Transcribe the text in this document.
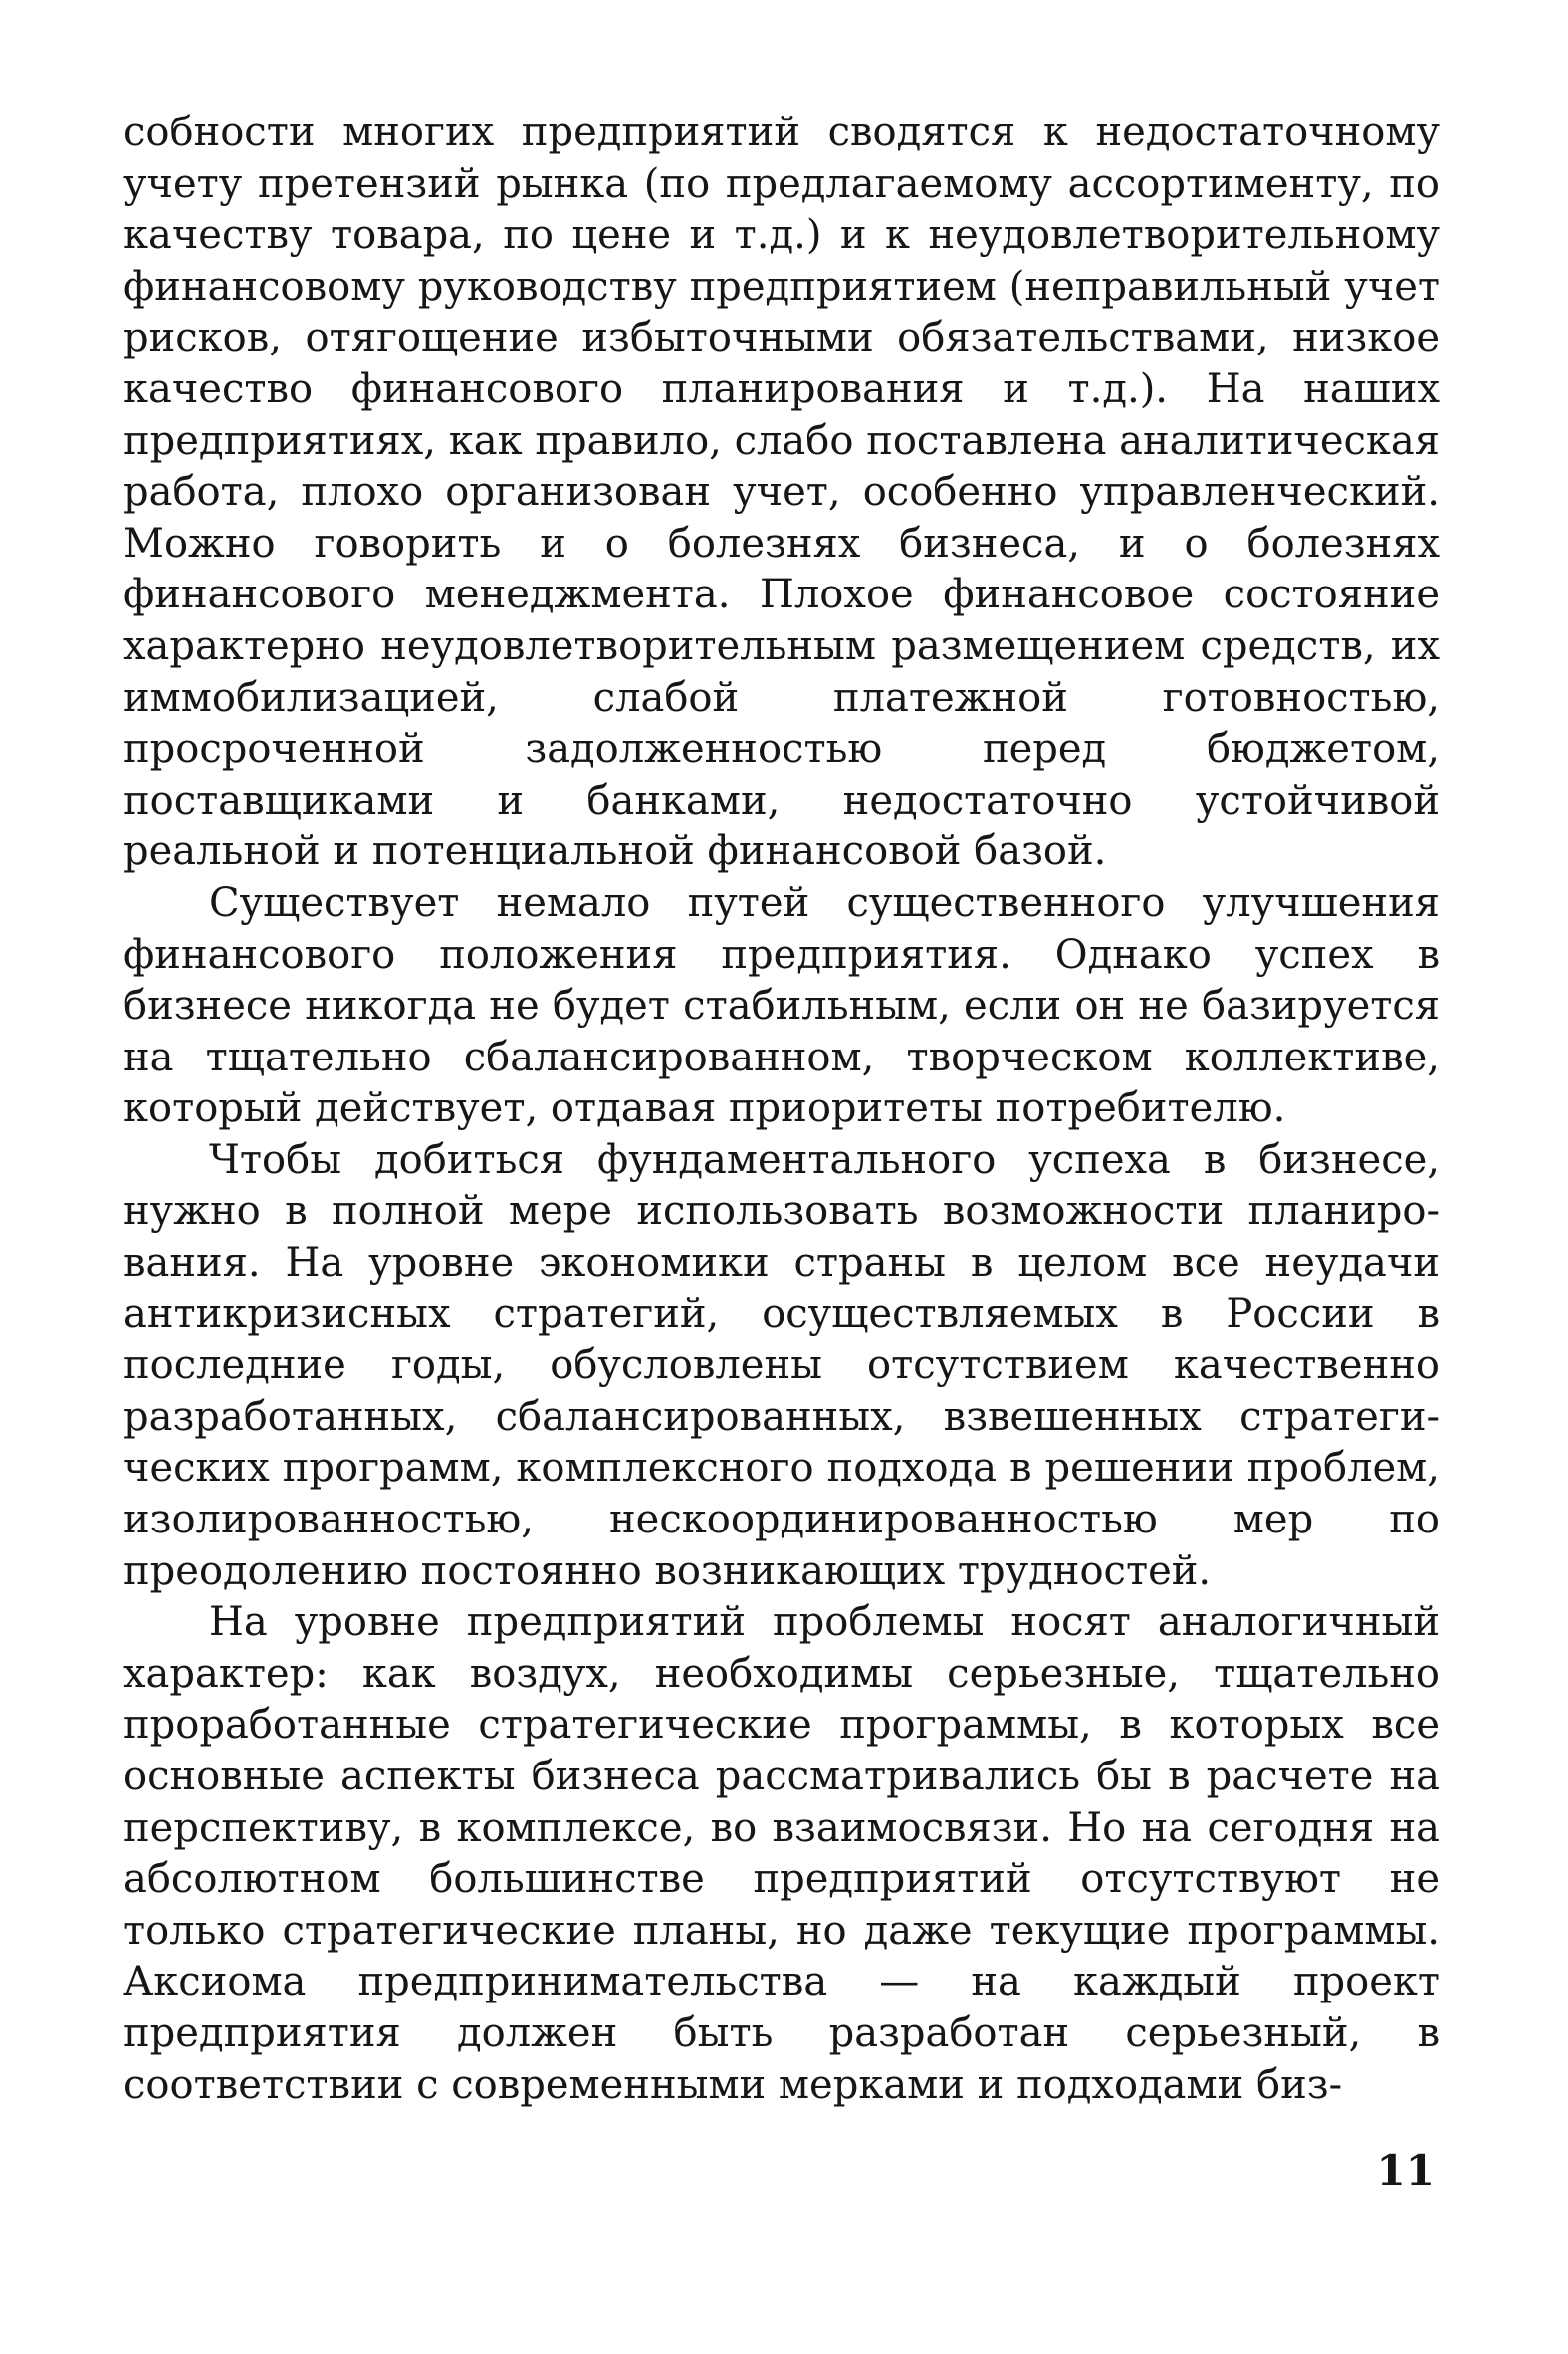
собности многих предприятий сводятся к недостаточному учету претензий рынка (по предлагаемому ассортименту, по качеству товара, по цене и т.д.) и к неудовлетворительному финансовому руководству предприятием (неправильный учет рисков, отягощение избыточными обязательствами, низкое качество финансового планирования и т.д.). На наших предприятиях, как правило, слабо поставлена аналитическая работа, плохо организован учет, особенно управленческий. Можно говорить и о болезнях бизнеса, и о болезнях финансового менеджмента. Плохое финансовое состояние характерно неудовлетворительным размещением средств, их иммобилизацией, слабой платежной готовностью, просроченной задолженностью перед бюджетом, поставщиками и банками, недостаточно устойчивой реальной и потенциальной финансовой базой.

Существует немало путей существенного улучшения финансового положения предприятия. Однако успех в бизнесе никогда не будет стабильным, если он не базируется на тщательно сбалансированном, творческом коллективе, который действует, отдавая приоритеты потребителю.

Чтобы добиться фундаментального успеха в бизнесе, нужно в полной мере использовать возможности планирования. На уровне экономики страны в целом все неудачи антикризисных стратегий, осуществляемых в России в последние годы, обусловлены отсутствием качественно разработанных, сбалансированных, взвешенных стратегических программ, комплексного подхода в решении проблем, изолированностью, нескоординированностью мер по преодолению постоянно возникающих трудностей.

На уровне предприятий проблемы носят аналогичный характер: как воздух, необходимы серьезные, тщательно проработанные стратегические программы, в которых все основные аспекты бизнеса рассматривались бы в расчете на перспективу, в комплексе, во взаимосвязи. Но на сегодня на абсолютном большинстве предприятий отсутствуют не только стратегические планы, но даже текущие программы. Аксиома предпринимательства — на каждый проект предприятия должен быть разработан серьезный, в соответствии с современными мерками и подходами биз-

11
